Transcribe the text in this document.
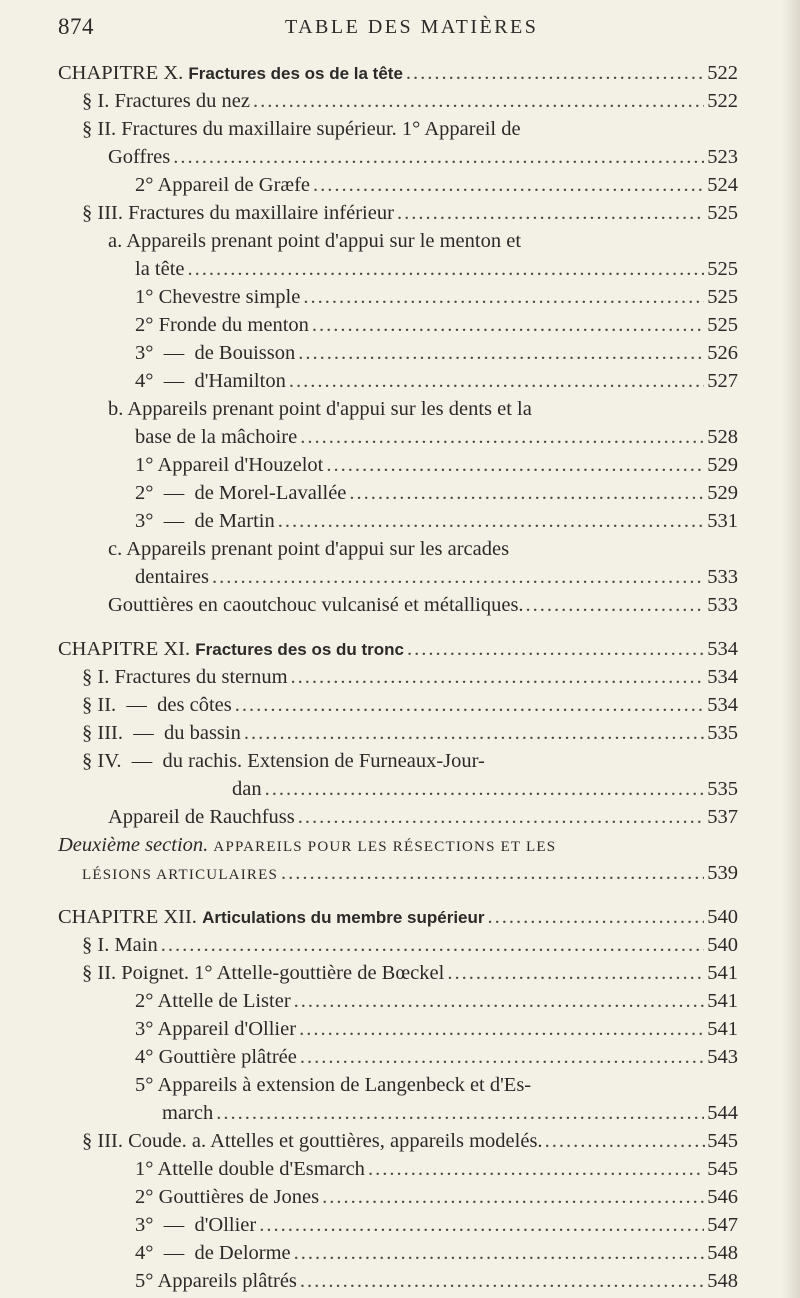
874	TABLE DES MATIÈRES
CHAPITRE X. Fractures des os de la tête .....	522
§ I. Fractures du nez .....	522
§ II. Fractures du maxillaire supérieur. 1° Appareil de
Goffres .....	523
2° Appareil de Græfe .....	524
§ III. Fractures du maxillaire inférieur .....	525
a. Appareils prenant point d'appui sur le menton et
la tête .....	525
1° Chevestre simple .....	525
2° Fronde du menton .....	525
3°  —  de Bouisson .....	526
4°  —  d'Hamilton .....	527
b. Appareils prenant point d'appui sur les dents et la
base de la mâchoire .....	528
1° Appareil d'Houzelot .....	529
2°  —  de Morel-Lavallée .....	529
3°  —  de Martin .....	531
c. Appareils prenant point d'appui sur les arcades
dentaires .....	533
Gouttières en caoutchouc vulcanisé et métalliques. .....	533
CHAPITRE XI. Fractures des os du tronc .....	534
§ I. Fractures du sternum .....	534
§ II.  —  des côtes .....	534
§ III.  —  du bassin .....	535
§ IV.  —  du rachis. Extension de Furneaux-Jour-
dan .....	535
Appareil de Rauchfuss .....	537
Deuxième section. APPAREILS POUR LES RÉSECTIONS ET LES
LÉSIONS ARTICULAIRES .....	539
CHAPITRE XII. Articulations du membre supérieur .....	540
§ I. Main .....	540
§ II. Poignet. 1° Attelle-gouttière de Bœckel .....	541
2° Attelle de Lister .....	541
3° Appareil d'Ollier .....	541
4° Gouttière plâtrée .....	543
5° Appareils à extension de Langenbeck et d'Es-
march .....	544
§ III. Coude. a. Attelles et gouttières, appareils modelés. .....	545
1° Attelle double d'Esmarch .....	545
2° Gouttières de Jones .....	546
3°  —  d'Ollier .....	547
4°  —  de Delorme .....	548
5° Appareils plâtrés .....	548
